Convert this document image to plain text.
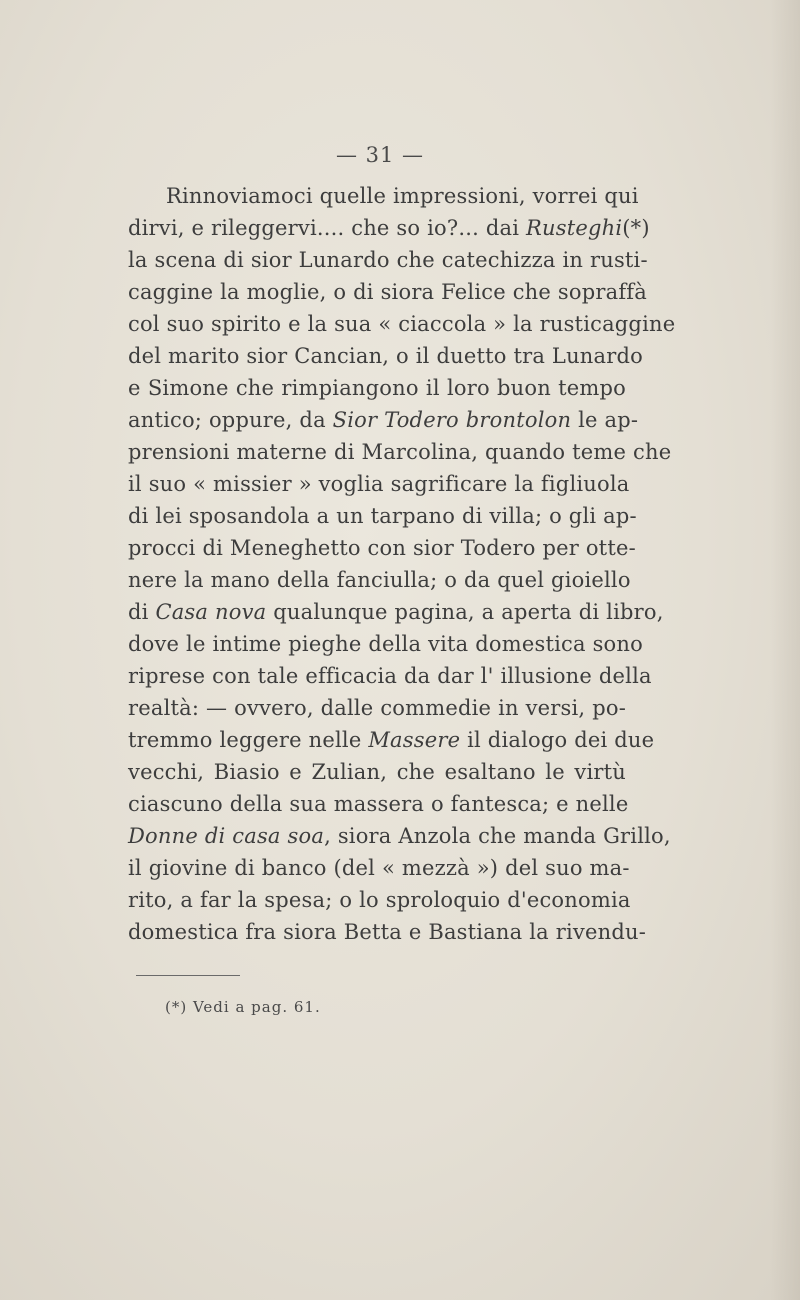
— 31 —
Rinnoviamoci quelle impressioni, vorrei qui
dirvi, e rileggervi.... che so io?... dai Rusteghi(*)
la scena di sior Lunardo che catechizza in rusti-
caggine la moglie, o di siora Felice che sopraffà
col suo spirito e la sua « ciaccola » la rusticaggine
del marito sior Cancian, o il duetto tra Lunardo
e Simone che rimpiangono il loro buon tempo
antico; oppure, da Sior Todero brontolon le ap-
prensioni materne di Marcolina, quando teme che
il suo « missier » voglia sagrificare la figliuola
di lei sposandola a un tarpano di villa; o gli ap-
procci di Meneghetto con sior Todero per otte-
nere la mano della fanciulla; o da quel gioiello
di Casa nova qualunque pagina, a aperta di libro,
dove le intime pieghe della vita domestica sono
riprese con tale efficacia da dar l' illusione della
realtà: — ovvero, dalle commedie in versi, po-
tremmo leggere nelle Massere il dialogo dei due
vecchi, Biasio e Zulian, che esaltano le virtù
ciascuno della sua massera o fantesca; e nelle
Donne di casa soa, siora Anzola che manda Grillo,
il giovine di banco (del « mezzà ») del suo ma-
rito, a far la spesa; o lo sproloquio d'economia
domestica fra siora Betta e Bastiana la rivendu-
(*) Vedi a pag. 61.
